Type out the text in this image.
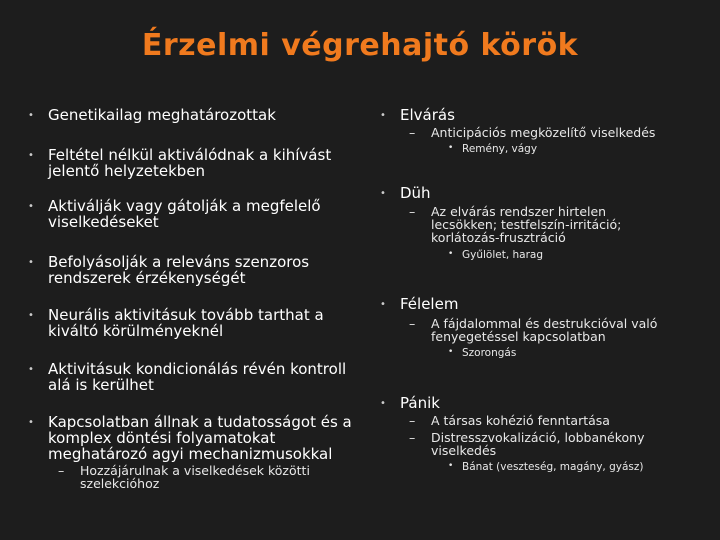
Érzelmi végrehajtó körök
• Genetikailag meghatározottak
• Feltétel nélkül aktiválódnak a kihívást jelentő helyzetekben
• Aktiválják vagy gátolják a megfelelő viselkedéseket
• Befolyásolják a releváns szenzoros rendszerek érzékenységét
• Neurális aktivitásuk tovább tarthat a kiváltó körülményeknél
• Aktivitásuk kondicionálás révén kontroll alá is kerülhet
• Kapcsolatban állnak a tudatosságot és a komplex döntési folyamatokat meghatározó agyi mechanizmusokkal
– Hozzájárulnak a viselkedések közötti szelekcióhoz
• Elvárás
– Anticipációs megközelítő viselkedés
• Remény, vágy
• Düh
– Az elvárás rendszer hirtelen lecsökken; testfelszín-irritáció; korlátozás-frusztráció
• Gyűlölet, harag
• Félelem
– A fájdalommal és destrukcióval való fenyegetéssel kapcsolatban
• Szorongás
• Pánik
– A társas kohézió fenntartása
– Distresszvokalizáció, lobbanékony viselkedés
• Bánat (veszteség, magány, gyász)
